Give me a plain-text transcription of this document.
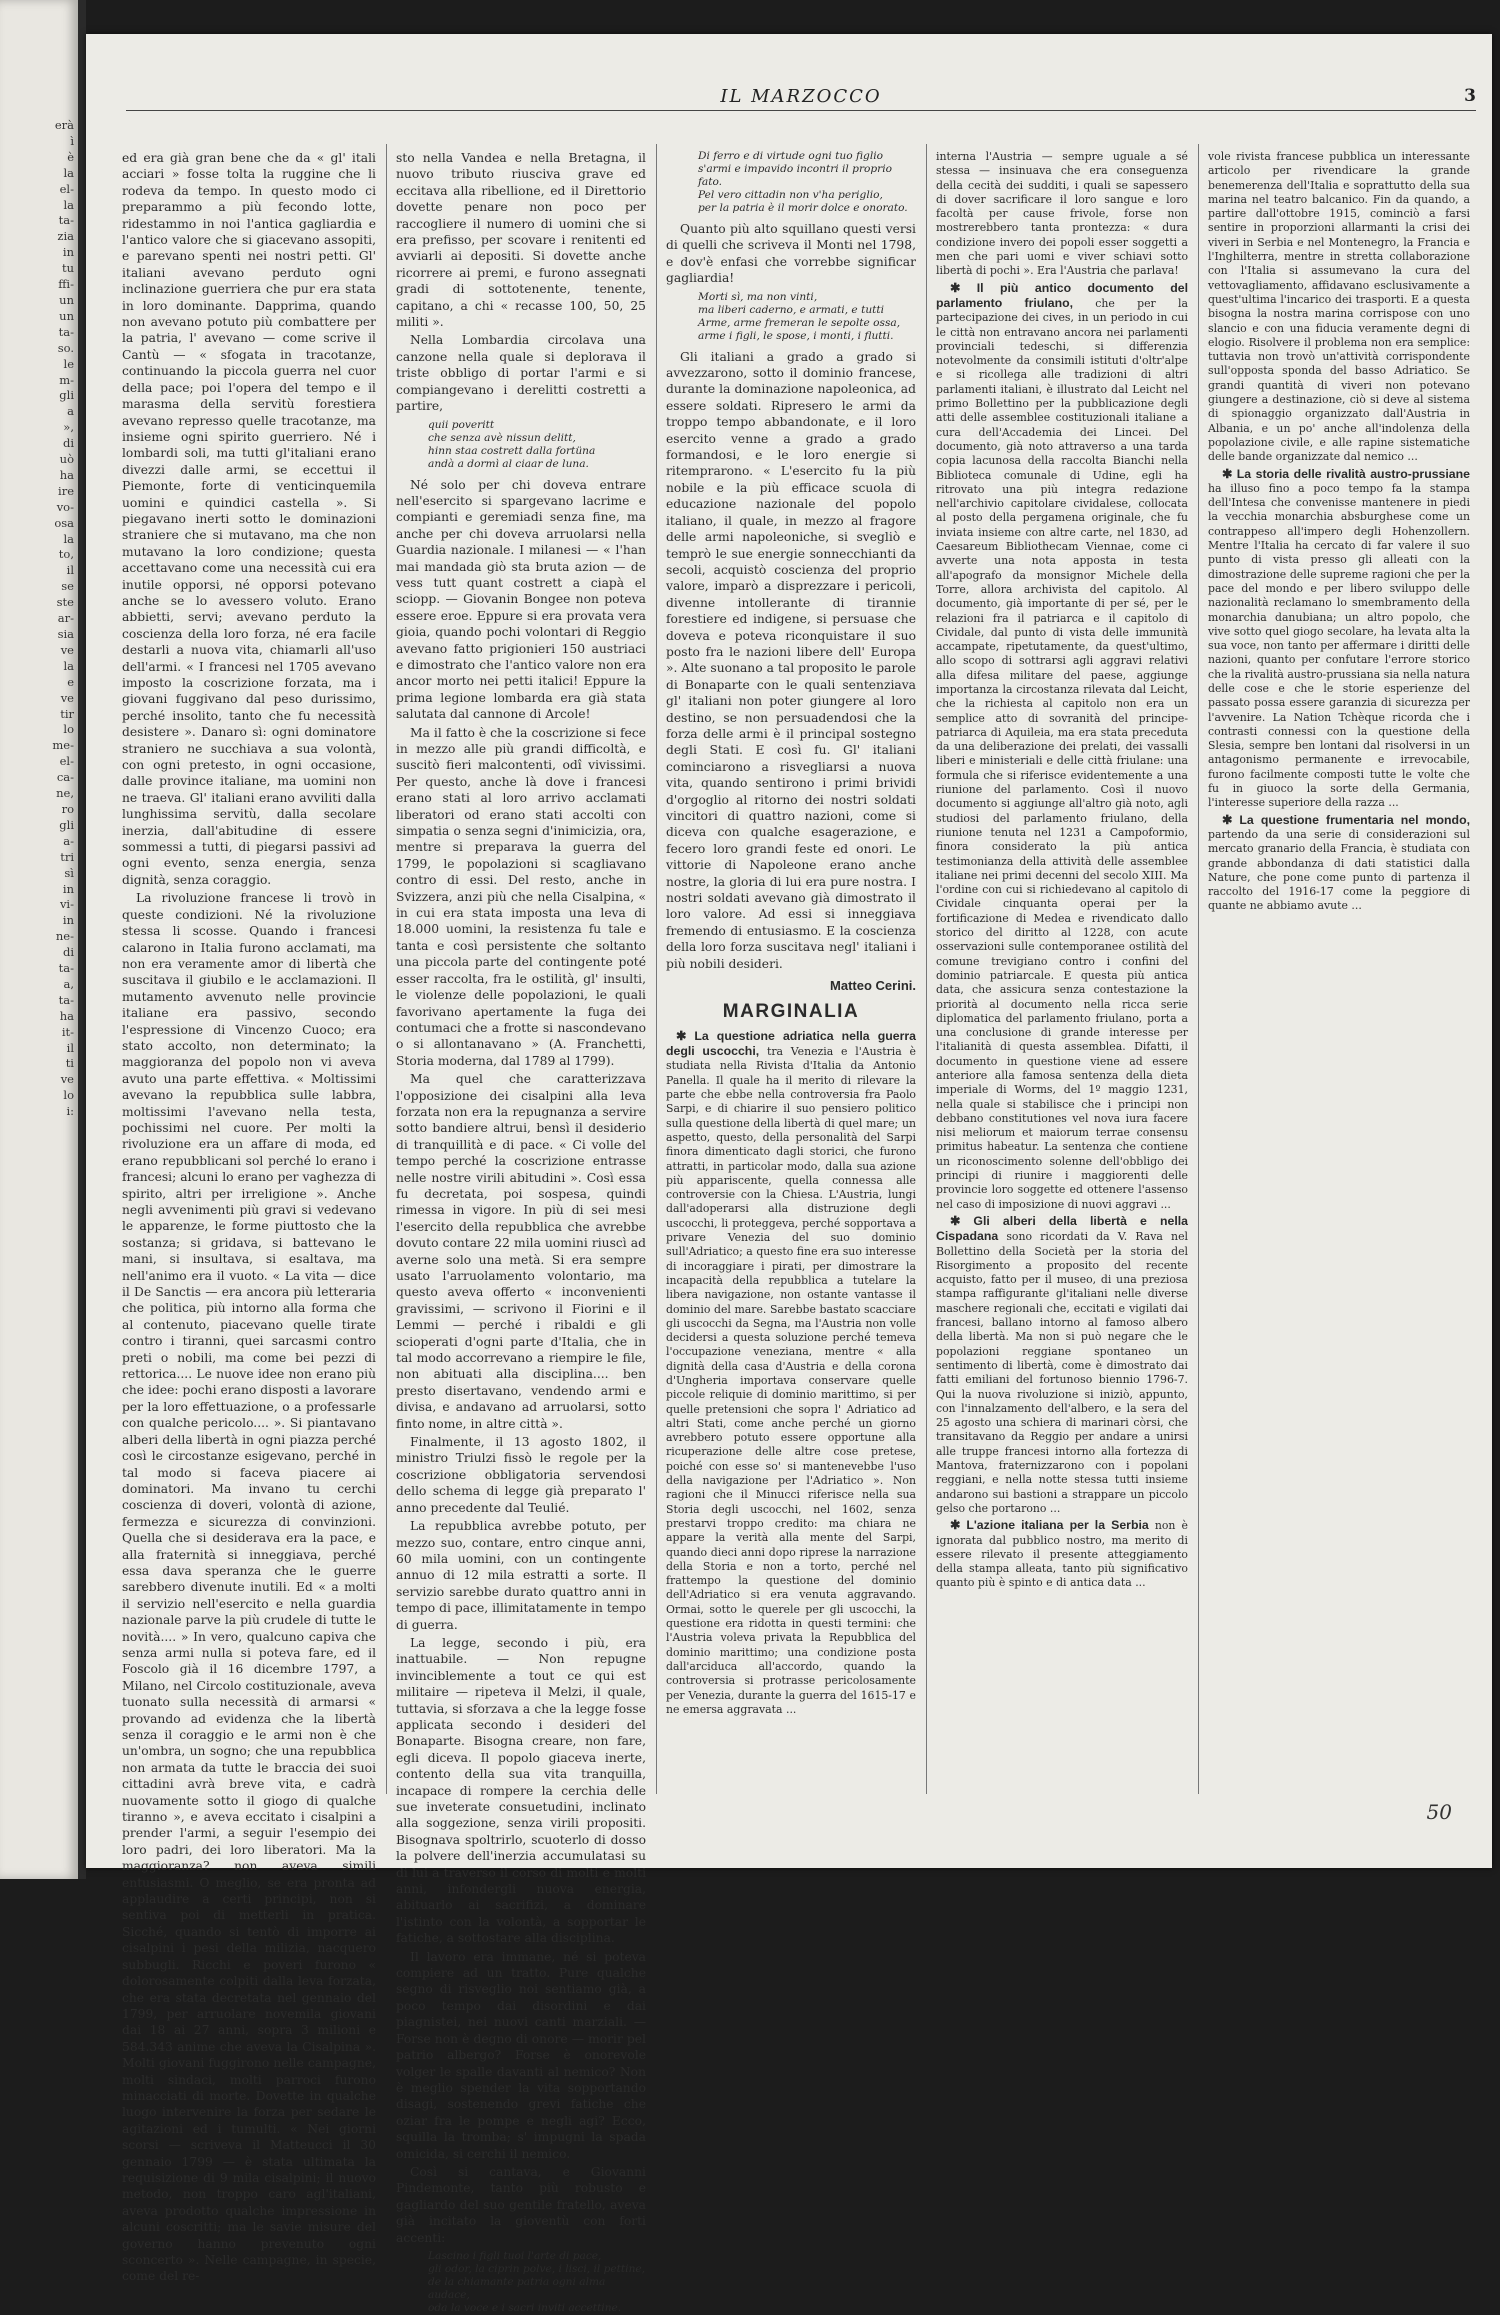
erà
ì
è
la
el-
la
ta-
zia
in
tu
ffi-
un
un
ta-
so.
le
m-
gli
a
»,
di
uò
ha
ire
vo-
osa
la
to,
il
se
ste
ar-
sia
ve
la
e
ve
tir
lo
me-
el-
ca-
ne,
ro
gli
a-
tri
sì
in
vi-
in
ne-
di
ta-
a,
ta-
ha
it-
il
ti
ve
lo
i:
IL MARZOCCO	3

ed era già gran bene che da « gl' itali acciari » fosse tolta la ruggine che li rodeva da tempo. In questo modo ci preparammo a più fecondo lotte, ridestammo in noi l'antica gagliardia e l'antico valore che si giacevano assopiti, e parevano spenti nei nostri petti. Gl' italiani avevano perduto ogni inclinazione guerriera che pur era stata in loro dominante. Dapprima, quando non avevano potuto più combattere per la patria, l' avevano — come scrive il Cantù — « sfogata in tracotanze, continuando la piccola guerra nel cuor della pace; poi l'opera del tempo e il marasma della servitù forestiera avevano represso quelle tracotanze, ma insieme ogni spirito guerriero. Né i lombardi soli, ma tutti gl'italiani erano divezzi dalle armi, se eccettui il Piemonte, forte di venticinquemila uomini e quindici castella ». Si piegavano inerti sotto le dominazioni straniere che si mutavano, ma che non mutavano la loro condizione; questa accettavano come una necessità cui era inutile opporsi, né opporsi potevano anche se lo avessero voluto. Erano abbietti, servi; avevano perduto la coscienza della loro forza, né era facile destarli a nuova vita, chiamarli all'uso dell'armi. « I francesi nel 1705 avevano imposto la coscrizione forzata, ma i giovani fuggivano dal peso durissimo, perché insolito, tanto che fu necessità desistere ». Danaro sì: ogni dominatore straniero ne succhiava a sua volontà, con ogni pretesto, in ogni occasione, dalle province italiane, ma uomini non ne traeva. Gl' italiani erano avviliti dalla lunghissima servitù, dalla secolare inerzia, dall'abitudine di essere sommessi a tutti, di piegarsi passivi ad ogni evento, senza energia, senza dignità, senza coraggio.

La rivoluzione francese li trovò in queste condizioni. Né la rivoluzione stessa li scosse. Quando i francesi calarono in Italia furono acclamati, ma non era veramente amor di libertà che suscitava il giubilo e le acclamazioni. Il mutamento avvenuto nelle provincie italiane era passivo, secondo l'espressione di Vincenzo Cuoco; era stato accolto, non determinato; la maggioranza del popolo non vi aveva avuto una parte effettiva. « Moltissimi avevano la repubblica sulle labbra, moltissimi l'avevano nella testa, pochissimi nel cuore. Per molti la rivoluzione era un affare di moda, ed erano repubblicani sol perché lo erano i francesi; alcuni lo erano per vaghezza di spirito, altri per irreligione ». Anche negli avvenimenti più gravi si vedevano le apparenze, le forme piuttosto che la sostanza; si gridava, si battevano le mani, si insultava, si esaltava, ma nell'animo era il vuoto. « La vita — dice il De Sanctis — era ancora più letteraria che politica, più intorno alla forma che al contenuto, piacevano quelle tirate contro i tiranni, quei sarcasmi contro preti o nobili, ma come bei pezzi di rettorica.... Le nuove idee non erano più che idee: pochi erano disposti a lavorare per la loro effettuazione, o a professarle con qualche pericolo.... ». Si piantavano alberi della libertà in ogni piazza perché così le circostanze esigevano, perché in tal modo si faceva piacere ai dominatori. Ma invano tu cerchi coscienza di doveri, volontà di azione, fermezza e sicurezza di convinzioni. Quella che si desiderava era la pace, e alla fraternità si inneggiava, perché essa dava speranza che le guerre sarebbero divenute inutili. Ed « a molti il servizio nell'esercito e nella guardia nazionale parve la più crudele di tutte le novità.... » In vero, qualcuno capiva che senza armi nulla si poteva fare, ed il Foscolo già il 16 dicembre 1797, a Milano, nel Circolo costituzionale, aveva tuonato sulla necessità di armarsi « provando ad evidenza che la libertà senza il coraggio e le armi non è che un'ombra, un sogno; che una repubblica non armata da tutte le braccia dei suoi cittadini avrà breve vita, e cadrà nuovamente sotto il giogo di qualche tiranno », e aveva eccitato i cisalpini a prender l'armi, a seguir l'esempio dei loro padri, dei loro liberatori. Ma la maggioranza? non aveva simili entusiasmi. O meglio, se era pronta ad applaudire a certi principi, non si sentiva poi di metterli in pratica. Sicché, quando si tentò di imporre ai cisalpini i pesi della milizia, nacquero subbugli. Ricchi e poveri furono « dolorosamente colpiti dalla leva forzata, che era stata decretata nel gennaio del 1799, per arruolare novemila giovani dai 18 ai 27 anni, sopra 3 milioni e 584.343 anime che aveva la Cisalpina ». Molti giovani fuggirono nelle campagne, molti sindaci, molti parroci furono minacciati di morte. Dovette in qualche luogo intervenire la forza per sedare le agitazioni ed i tumulti. « Nei giorni scorsi — scriveva il Matteucci il 30 gennaio 1799 — è stata ultimata la requisizione di 9 mila cisalpini; il nuovo metodo, non troppo caro agl'italiani, aveva prodotto qualche impressione in alcuni coscritti; ma le savie misure del governo hanno prevenuto ogni sconcerto ». Nelle campagne, in specie, come del re-

sto nella Vandea e nella Bretagna, il nuovo tributo riusciva grave ed eccitava alla ribellione, ed il Direttorio dovette penare non poco per raccogliere il numero di uomini che si era prefisso, per scovare i renitenti ed avviarli ai depositi. Si dovette anche ricorrere ai premi, e furono assegnati gradi di sottotenente, tenente, capitano, a chi « recasse 100, 50, 25 militi ».

Nella Lombardia circolava una canzone nella quale si deplorava il triste obbligo di portar l'armi e si compiangevano i derelitti costretti a partire,

quii poveritt
che senza avè nissun delitt,
hinn staa costrett dalla fortüna
andà a dormì al ciaar de luna.

Né solo per chi doveva entrare nell'esercito si spargevano lacrime e compianti e geremiadi senza fine, ma anche per chi doveva arruolarsi nella Guardia nazionale. I milanesi — « l'han mai mandada giò sta bruta azion — de vess tutt quant costrett a ciapà el sciopp. — Giovanin Bongee non poteva essere eroe. Eppure si era provata vera gioia, quando pochi volontari di Reggio avevano fatto prigionieri 150 austriaci e dimostrato che l'antico valore non era ancor morto nei petti italici! Eppure la prima legione lombarda era già stata salutata dal cannone di Arcole!

Ma il fatto è che la coscrizione si fece in mezzo alle più grandi difficoltà, e suscitò fieri malcontenti, odî vivissimi. Per questo, anche là dove i francesi erano stati al loro arrivo acclamati liberatori od erano stati accolti con simpatia o senza segni d'inimicizia, ora, mentre si preparava la guerra del 1799, le popolazioni si scagliavano contro di essi. Del resto, anche in Svizzera, anzi più che nella Cisalpina, « in cui era stata imposta una leva di 18.000 uomini, la resistenza fu tale e tanta e così persistente che soltanto una piccola parte del contingente poté esser raccolta, fra le ostilità, gl' insulti, le violenze delle popolazioni, le quali favorivano apertamente la fuga dei contumaci che a frotte si nascondevano o si allontanavano » (A. Franchetti, Storia moderna, dal 1789 al 1799).

Ma quel che caratterizzava l'opposizione dei cisalpini alla leva forzata non era la repugnanza a servire sotto bandiere altrui, bensì il desiderio di tranquillità e di pace. « Ci volle del tempo perché la coscrizione entrasse nelle nostre virili abitudini ». Così essa fu decretata, poi sospesa, quindi rimessa in vigore. In più di sei mesi l'esercito della repubblica che avrebbe dovuto contare 22 mila uomini riuscì ad averne solo una metà. Si era sempre usato l'arruolamento volontario, ma questo aveva offerto « inconvenienti gravissimi, — scrivono il Fiorini e il Lemmi — perché i ribaldi e gli scioperati d'ogni parte d'Italia, che in tal modo accorrevano a riempire le file, non abituati alla disciplina.... ben presto disertavano, vendendo armi e divisa, e andavano ad arruolarsi, sotto finto nome, in altre città ».

Finalmente, il 13 agosto 1802, il ministro Triulzi fissò le regole per la coscrizione obbligatoria servendosi dello schema di legge già preparato l' anno precedente dal Teulié.

La repubblica avrebbe potuto, per mezzo suo, contare, entro cinque anni, 60 mila uomini, con un contingente annuo di 12 mila estratti a sorte. Il servizio sarebbe durato quattro anni in tempo di pace, illimitatamente in tempo di guerra.

La legge, secondo i più, era inattuabile. — Non repugne invinciblemente a tout ce qui est militaire — ripeteva il Melzi, il quale, tuttavia, si sforzava a che la legge fosse applicata secondo i desideri del Bonaparte. Bisogna creare, non fare, egli diceva. Il popolo giaceva inerte, contento della sua vita tranquilla, incapace di rompere la cerchia delle sue inveterate consuetudini, inclinato alla soggezione, senza virili propositi. Bisognava spoltrirlo, scuoterlo di dosso la polvere dell'inerzia accumulatasi su di lui a traverso il corso di molti e molti anni, infondergli nuova energia, abituarlo ai sacrifizi, a dominare l'istinto con la volontà, a sopportar le fatiche, a sottostare alla disciplina.

Il lavoro era immane, né si poteva compiere ad un tratto. Pure qualche segno di risveglio noi sentiamo già, a poco tempo dai disordini e dai piagnistei, nei nuovi canti marziali. — Forse non è degno di onore — morir pel patrio albergo? Forse è onorevole volger le spalle davanti al nemico? Non è meglio spender la vita sopportando disagi, sostenendo grevi fatiche che oziar fra le pompe e negli agi? Ecco, squilla la tromba; s' impugni la spada omicida, si cerchi il nemico.

Così si cantava, e Giovanni Pindemonte, tanto più robusto e gagliardo del suo gentile fratello, aveva già incitato la gioventù con forti accenti:

Lascino i figli tuoi l'arte di pace,
gli odor, la ciprin polve, i lisci, il pettine,
de la chiamante patria ogni alma audace,
oda la voce e i sacri inviti accettine.
Di ferro e di virtude ogni tuo figlio
s'armi e impavido incontri il proprio fato.
Pel vero cittadin non v'ha periglio,
per la patria è il morir dolce e onorato.

Quanto più alto squillano questi versi di quelli che scriveva il Monti nel 1798, e dov'è enfasi che vorrebbe significar gagliardia!

Morti sì, ma non vinti,
ma liberi caderno, e armati, e tutti
Arme, arme fremeran le sepolte ossa,
arme i figli, le spose, i monti, i flutti.

Gli italiani a grado a grado si avvezzarono, sotto il dominio francese, durante la dominazione napoleonica, ad essere soldati. Ripresero le armi da troppo tempo abbandonate, e il loro esercito venne a grado a grado formandosi, e le loro energie si ritemprarono. « L'esercito fu la più nobile e la più efficace scuola di educazione nazionale del popolo italiano, il quale, in mezzo al fragore delle armi napoleoniche, si svegliò e temprò le sue energie sonnecchianti da secoli, acquistò coscienza del proprio valore, imparò a disprezzare i pericoli, divenne intollerante di tirannie forestiere ed indigene, si persuase che doveva e poteva riconquistare il suo posto fra le nazioni libere dell' Europa ». Alte suonano a tal proposito le parole di Bonaparte con le quali sentenziava gl' italiani non poter giungere al loro destino, se non persuadendosi che la forza delle armi è il principal sostegno degli Stati. E così fu. Gl' italiani cominciarono a risvegliarsi a nuova vita, quando sentirono i primi brividi d'orgoglio al ritorno dei nostri soldati vincitori di quattro nazioni, come si diceva con qualche esagerazione, e fecero loro grandi feste ed onori. Le vittorie di Napoleone erano anche nostre, la gloria di lui era pure nostra. I nostri soldati avevano già dimostrato il loro valore. Ad essi si inneggiava fremendo di entusiasmo. E la coscienza della loro forza suscitava negl' italiani i più nobili desideri.

Matteo Cerini.

MARGINALIA

✱ La questione adriatica nella guerra degli uscocchi, tra Venezia e l'Austria è studiata nella Rivista d'Italia da Antonio Panella. Il quale ha il merito di rilevare la parte che ebbe nella controversia fra Paolo Sarpi, e di chiarire il suo pensiero politico sulla questione della libertà di quel mare; un aspetto, questo, della personalità del Sarpi finora dimenticato dagli storici, che furono attratti, in particolar modo, dalla sua azione più appariscente, quella connessa alle controversie con la Chiesa. L'Austria, lungi dall'adoperarsi alla distruzione degli uscocchi, li proteggeva, perché sopportava a privare Venezia del suo dominio sull'Adriatico; a questo fine era suo interesse di incoraggiare i pirati, per dimostrare la incapacità della repubblica a tutelare la libera navigazione, non ostante vantasse il dominio del mare. Sarebbe bastato scacciare gli uscocchi da Segna, ma l'Austria non volle decidersi a questa soluzione perché temeva l'occupazione veneziana, mentre « alla dignità della casa d'Austria e della corona d'Ungheria importava conservare quelle piccole reliquie di dominio marittimo, si per quelle pretensioni che sopra l' Adriatico ad altri Stati, come anche perché un giorno avrebbero potuto essere opportune alla ricuperazione delle altre cose pretese, poiché con esse so' si mantenevebbe l'uso della navigazione per l'Adriatico ». Non ragioni che il Minucci riferisce nella sua Storia degli uscocchi, nel 1602, senza prestarvi troppo credito: ma chiara ne appare la verità alla mente del Sarpi, quando dieci anni dopo riprese la narrazione della Storia e non a torto, perché nel frattempo la questione del dominio dell'Adriatico si era venuta aggravando. Ormai, sotto le querele per gli uscocchi, la questione era ridotta in questi termini: che l'Austria voleva privata la Repubblica del dominio marittimo; una condizione posta dall'arciduca all'accordo, quando la controversia si protrasse pericolosamente per Venezia, durante la guerra del 1615-17 e ne emersa aggravata ...

interna l'Austria — sempre uguale a sé stessa — insinuava che era conseguenza della cecità dei sudditi, i quali se sapessero di dover sacrificare il loro sangue e loro facoltà per cause frivole, forse non mostrerebbero tanta prontezza: « dura condizione invero dei popoli esser soggetti a men che pari uomi e viver schiavi sotto libertà di pochi ». Era l'Austria che parlava!

✱ Il più antico documento del parlamento friulano, che per la partecipazione dei cives, in un periodo in cui le città non entravano ancora nei parlamenti provinciali tedeschi, si differenzia notevolmente da consimili istituti d'oltr'alpe e si ricollega alle tradizioni di altri parlamenti italiani, è illustrato dal Leicht nel primo Bollettino per la pubblicazione degli atti delle assemblee costituzionali italiane a cura dell'Accademia dei Lincei. Del documento, già noto attraverso a una tarda copia lacunosa della raccolta Bianchi nella Biblioteca comunale di Udine, egli ha ritrovato una più integra redazione nell'archivio capitolare cividalese, collocata al posto della pergamena originale, che fu inviata insieme con altre carte, nel 1830, ad Caesareum Bibliothecam Viennae, come ci avverte una nota apposta in testa all'apografo da monsignor Michele della Torre, allora archivista del capitolo. Al documento, già importante di per sé, per le relazioni fra il patriarca e il capitolo di Cividale, dal punto di vista delle immunità accampate, ripetutamente, da quest'ultimo, allo scopo di sottrarsi agli aggravi relativi alla difesa militare del paese, aggiunge importanza la circostanza rilevata dal Leicht, che la richiesta al capitolo non era un semplice atto di sovranità del principe-patriarca di Aquileia, ma era stata preceduta da una deliberazione dei prelati, dei vassalli liberi e ministeriali e delle città friulane: una formula che si riferisce evidentemente a una riunione del parlamento. Così il nuovo documento si aggiunge all'altro già noto, agli studiosi del parlamento friulano, della riunione tenuta nel 1231 a Campoformio, finora considerato la più antica testimonianza della attività delle assemblee italiane nei primi decenni del secolo XIII. Ma l'ordine con cui si richiedevano al capitolo di Cividale cinquanta operai per la fortificazione di Medea e rivendicato dallo storico del diritto al 1228, con acute osservazioni sulle contemporanee ostilità del comune trevigiano contro i confini del dominio patriarcale. E questa più antica data, che assicura senza contestazione la priorità al documento nella ricca serie diplomatica del parlamento friulano, porta a una conclusione di grande interesse per l'italianità di questa assemblea. Difatti, il documento in questione viene ad essere anteriore alla famosa sentenza della dieta imperiale di Worms, del 1º maggio 1231, nella quale si stabilisce che i principi non debbano constitutiones vel nova iura facere nisi meliorum et maiorum terrae consensu primitus habeatur. La sentenza che contiene un riconoscimento solenne dell'obbligo dei principi di riunire i maggiorenti delle provincie loro soggette ed ottenere l'assenso nel caso di imposizione di nuovi aggravi ...

✱ Gli alberi della libertà e nella Cispadana sono ricordati da V. Rava nel Bollettino della Società per la storia del Risorgimento a proposito del recente acquisto, fatto per il museo, di una preziosa stampa raffigurante gl'italiani nelle diverse maschere regionali che, eccitati e vigilati dai francesi, ballano intorno al famoso albero della libertà. Ma non si può negare che le popolazioni reggiane spontaneo un sentimento di libertà, come è dimostrato dai fatti emiliani del fortunoso biennio 1796-7. Qui la nuova rivoluzione si iniziò, appunto, con l'innalzamento dell'albero, e la sera del 25 agosto una schiera di marinari còrsi, che transitavano da Reggio per andare a unirsi alle truppe francesi intorno alla fortezza di Mantova, fraternizzarono con i popolani reggiani, e nella notte stessa tutti insieme andarono sui bastioni a strappare un piccolo gelso che portarono ...

✱ L'azione italiana per la Serbia non è ignorata dal pubblico nostro, ma merito di essere rilevato il presente atteggiamento della stampa alleata, tanto più significativo quanto più è spinto e di antica data ...

vole rivista francese pubblica un interessante articolo per rivendicare la grande benemerenza dell'Italia e soprattutto della sua marina nel teatro balcanico. Fin da quando, a partire dall'ottobre 1915, cominciò a farsi sentire in proporzioni allarmanti la crisi dei viveri in Serbia e nel Montenegro, la Francia e l'Inghilterra, mentre in stretta collaborazione con l'Italia si assumevano la cura del vettovagliamento, affidavano esclusivamente a quest'ultima l'incarico dei trasporti. E a questa bisogna la nostra marina corrispose con uno slancio e con una fiducia veramente degni di elogio. Risolvere il problema non era semplice: tuttavia non trovò un'attività corrispondente sull'opposta sponda del basso Adriatico. Se grandi quantità di viveri non potevano giungere a destinazione, ciò si deve al sistema di spionaggio organizzato dall'Austria in Albania, e un po' anche all'indolenza della popolazione civile, e alle rapine sistematiche delle bande organizzate dal nemico ...

✱ La storia delle rivalità austro-prussiane ha illuso fino a poco tempo fa la stampa dell'Intesa che convenisse mantenere in piedi la vecchia monarchia absburghese come un contrappeso all'impero degli Hohenzollern. Mentre l'Italia ha cercato di far valere il suo punto di vista presso gli alleati con la dimostrazione delle supreme ragioni che per la pace del mondo e per libero sviluppo delle nazionalità reclamano lo smembramento della monarchia danubiana; un altro popolo, che vive sotto quel giogo secolare, ha levata alta la sua voce, non tanto per affermare i diritti delle nazioni, quanto per confutare l'errore storico che la rivalità austro-prussiana sia nella natura delle cose e che le storie esperienze del passato possa essere garanzia di sicurezza per l'avvenire. La Nation Tchèque ricorda che i contrasti connessi con la questione della Slesia, sempre ben lontani dal risolversi in un antagonismo permanente e irrevocabile, furono facilmente composti tutte le volte che fu in giuoco la sorte della Germania, l'interesse superiore della razza ...

✱ La questione frumentaria nel mondo, partendo da una serie di considerazioni sul mercato granario della Francia, è studiata con grande abbondanza di dati statistici dalla Nature, che pone come punto di partenza il raccolto del 1916-17 come la peggiore di quante ne abbiamo avute ...

50
